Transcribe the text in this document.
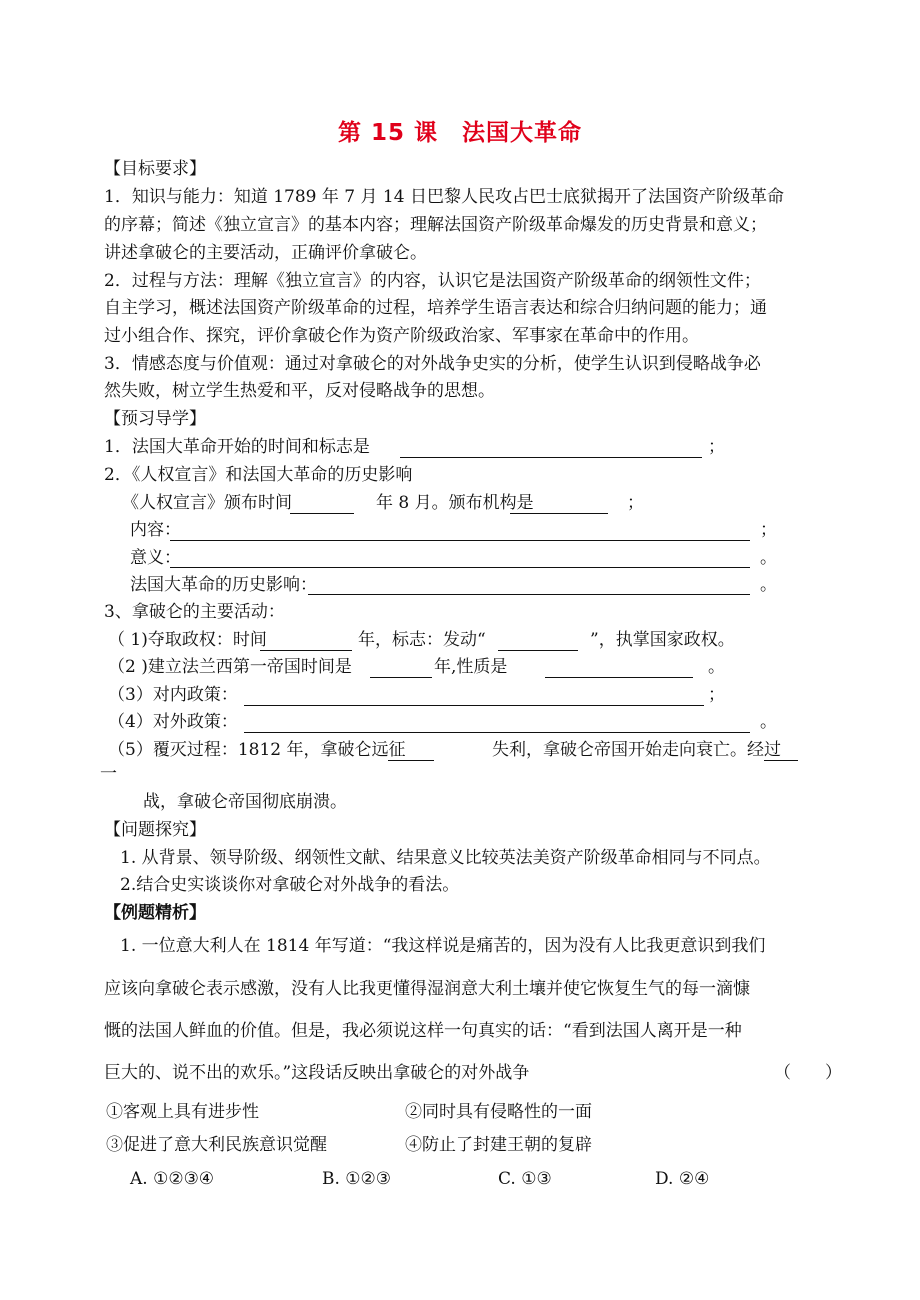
第 15 课　法国大革命
【目标要求】
1．知识与能力：知道 1789 年 7 月 14 日巴黎人民攻占巴士底狱揭开了法国资产阶级革命
的序幕；简述《独立宣言》的基本内容；理解法国资产阶级革命爆发的历史背景和意义；
讲述拿破仑的主要活动，正确评价拿破仑。
2．过程与方法：理解《独立宣言》的内容，认识它是法国资产阶级革命的纲领性文件；
自主学习，概述法国资产阶级革命的过程，培养学生语言表达和综合归纳问题的能力；通
过小组合作、探究，评价拿破仑作为资产阶级政治家、军事家在革命中的作用。
3．情感态度与价值观：通过对拿破仑的对外战争史实的分析，使学生认识到侵略战争必
然失败，树立学生热爱和平，反对侵略战争的思想。
【预习导学】
1．法国大革命开始的时间和标志是	；
2．《人权宣言》和法国大革命的历史影响
《人权宣言》颁布时间	年 8 月。颁布机构是	；
内容：	；
意义：	。
法国大革命的历史影响：	。
3、拿破仑的主要活动：
（ 1)夺取政权：时间	年，标志：发动“	”，执掌国家政权。
（2 )建立法兰西第一帝国时间是	年,性质是	。
（3）对内政策：	；
（4）对外政策：	。
（5）覆灭过程：1812 年，拿破仑远征	失利，拿破仑帝国开始走向衰亡。经过
一
战，拿破仑帝国彻底崩溃。
【问题探究】
1. 从背景、领导阶级、纲领性文献、结果意义比较英法美资产阶级革命相同与不同点。
2.结合史实谈谈你对拿破仑对外战争的看法。
【例题精析】
1. 一位意大利人在 1814 年写道：“我这样说是痛苦的，因为没有人比我更意识到我们
应该向拿破仑表示感激，没有人比我更懂得湿润意大利土壤并使它恢复生气的每一滴慷
慨的法国人鲜血的价值。但是，我必须说这样一句真实的话：“看到法国人离开是一种
巨大的、说不出的欢乐。”这段话反映出拿破仑的对外战争	（　　）
①客观上具有进步性	②同时具有侵略性的一面
③促进了意大利民族意识觉醒	④防止了封建王朝的复辟
A. ①②③④	B. ①②③	C. ①③	D. ②④
